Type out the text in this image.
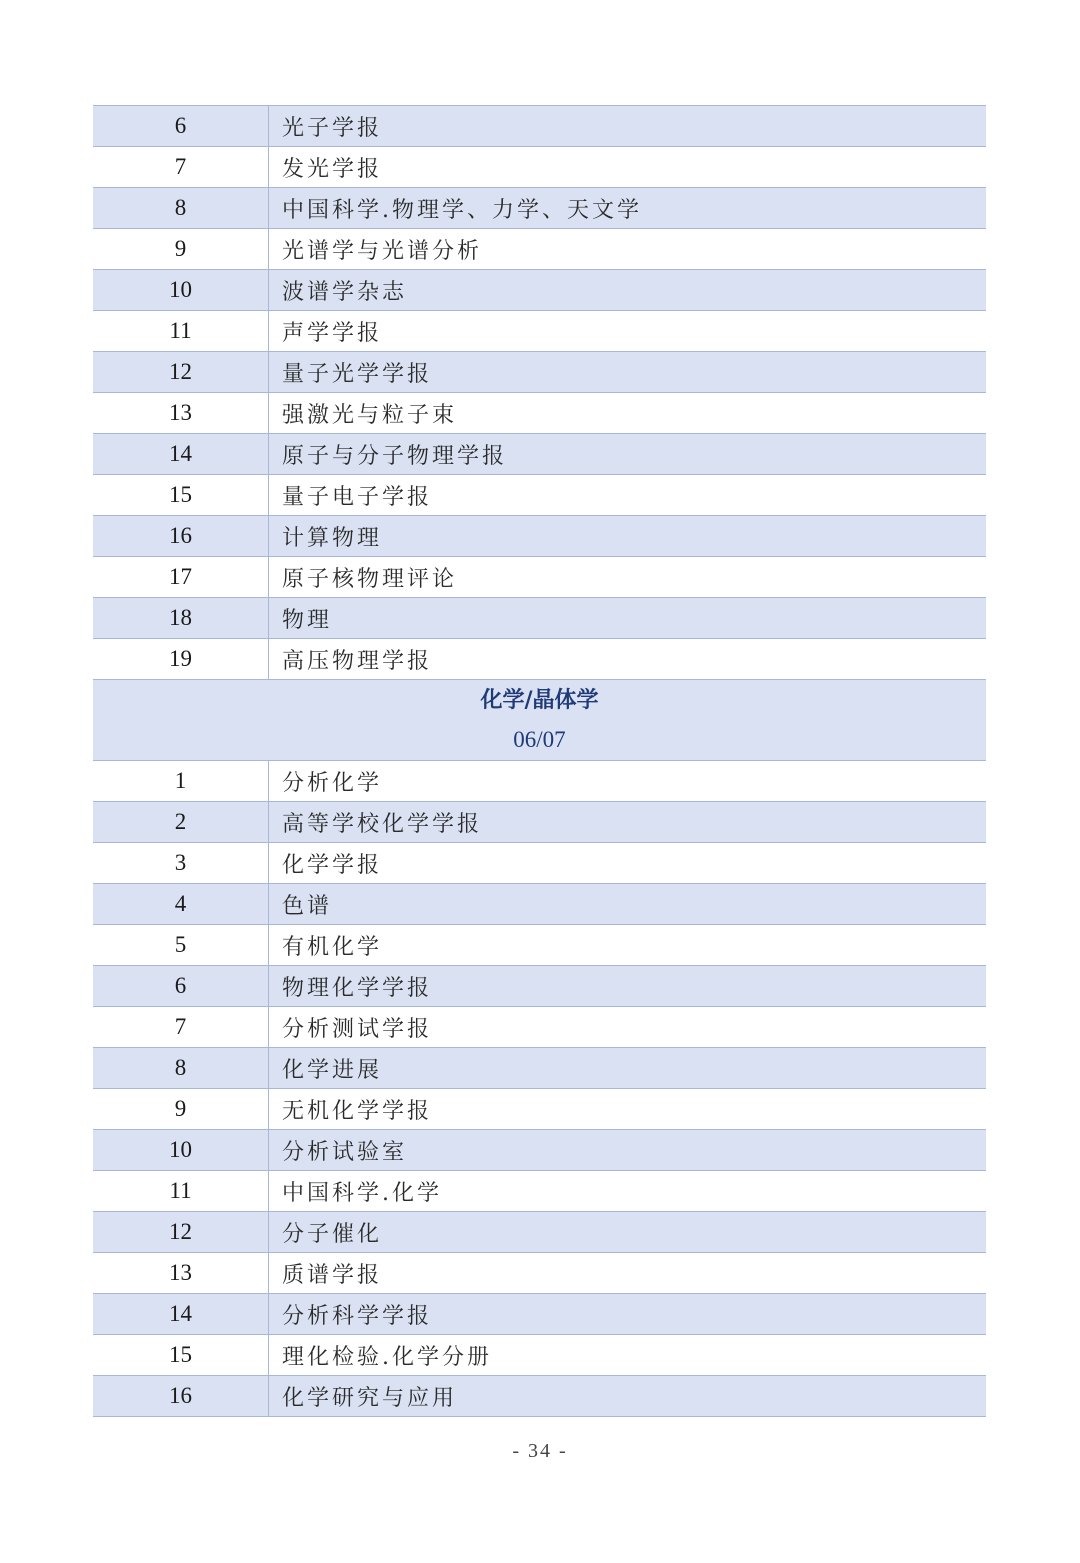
6	光子学报
7	发光学报
8	中国科学.物理学、力学、天文学
9	光谱学与光谱分析
10	波谱学杂志
11	声学学报
12	量子光学学报
13	强激光与粒子束
14	原子与分子物理学报
15	量子电子学报
16	计算物理
17	原子核物理评论
18	物理
19	高压物理学报

化学/晶体学
06/07	

1	分析化学
2	高等学校化学学报
3	化学学报
4	色谱
5	有机化学
6	物理化学学报
7	分析测试学报
8	化学进展
9	无机化学学报
10	分析试验室
11	中国科学.化学
12	分子催化
13	质谱学报
14	分析科学学报
15	理化检验.化学分册
16	化学研究与应用
- 34 -
